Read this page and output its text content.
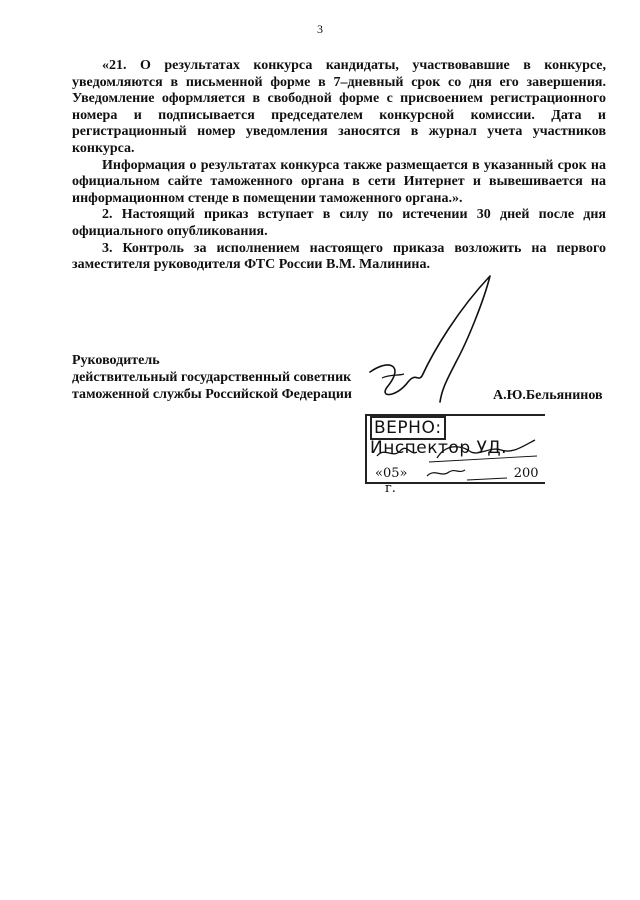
3

«21. О результатах конкурса кандидаты, участвовавшие в конкурсе, уведомляются в письменной форме в 7–дневный срок со дня его завершения. Уведомление оформляется в свободной форме с присвоением регистрационного номера и подписывается председателем конкурсной комиссии. Дата и регистрационный номер уведомления заносятся в журнал учета участников конкурса.

Информация о результатах конкурса также размещается в указанный срок на официальном сайте таможенного органа в сети Интернет и вывешивается на информационном стенде в помещении таможенного органа.».

2. Настоящий приказ вступает в силу по истечении 30 дней после дня официального опубликования.

3. Контроль за исполнением настоящего приказа возложить на первого заместителя руководителя ФТС России В.М. Малинина.

Руководитель
действительный государственный советник
таможенной службы Российской Федерации	А.Ю.Бельянинов
ВЕРНО: Инспектор УД.
«05»	200г.
